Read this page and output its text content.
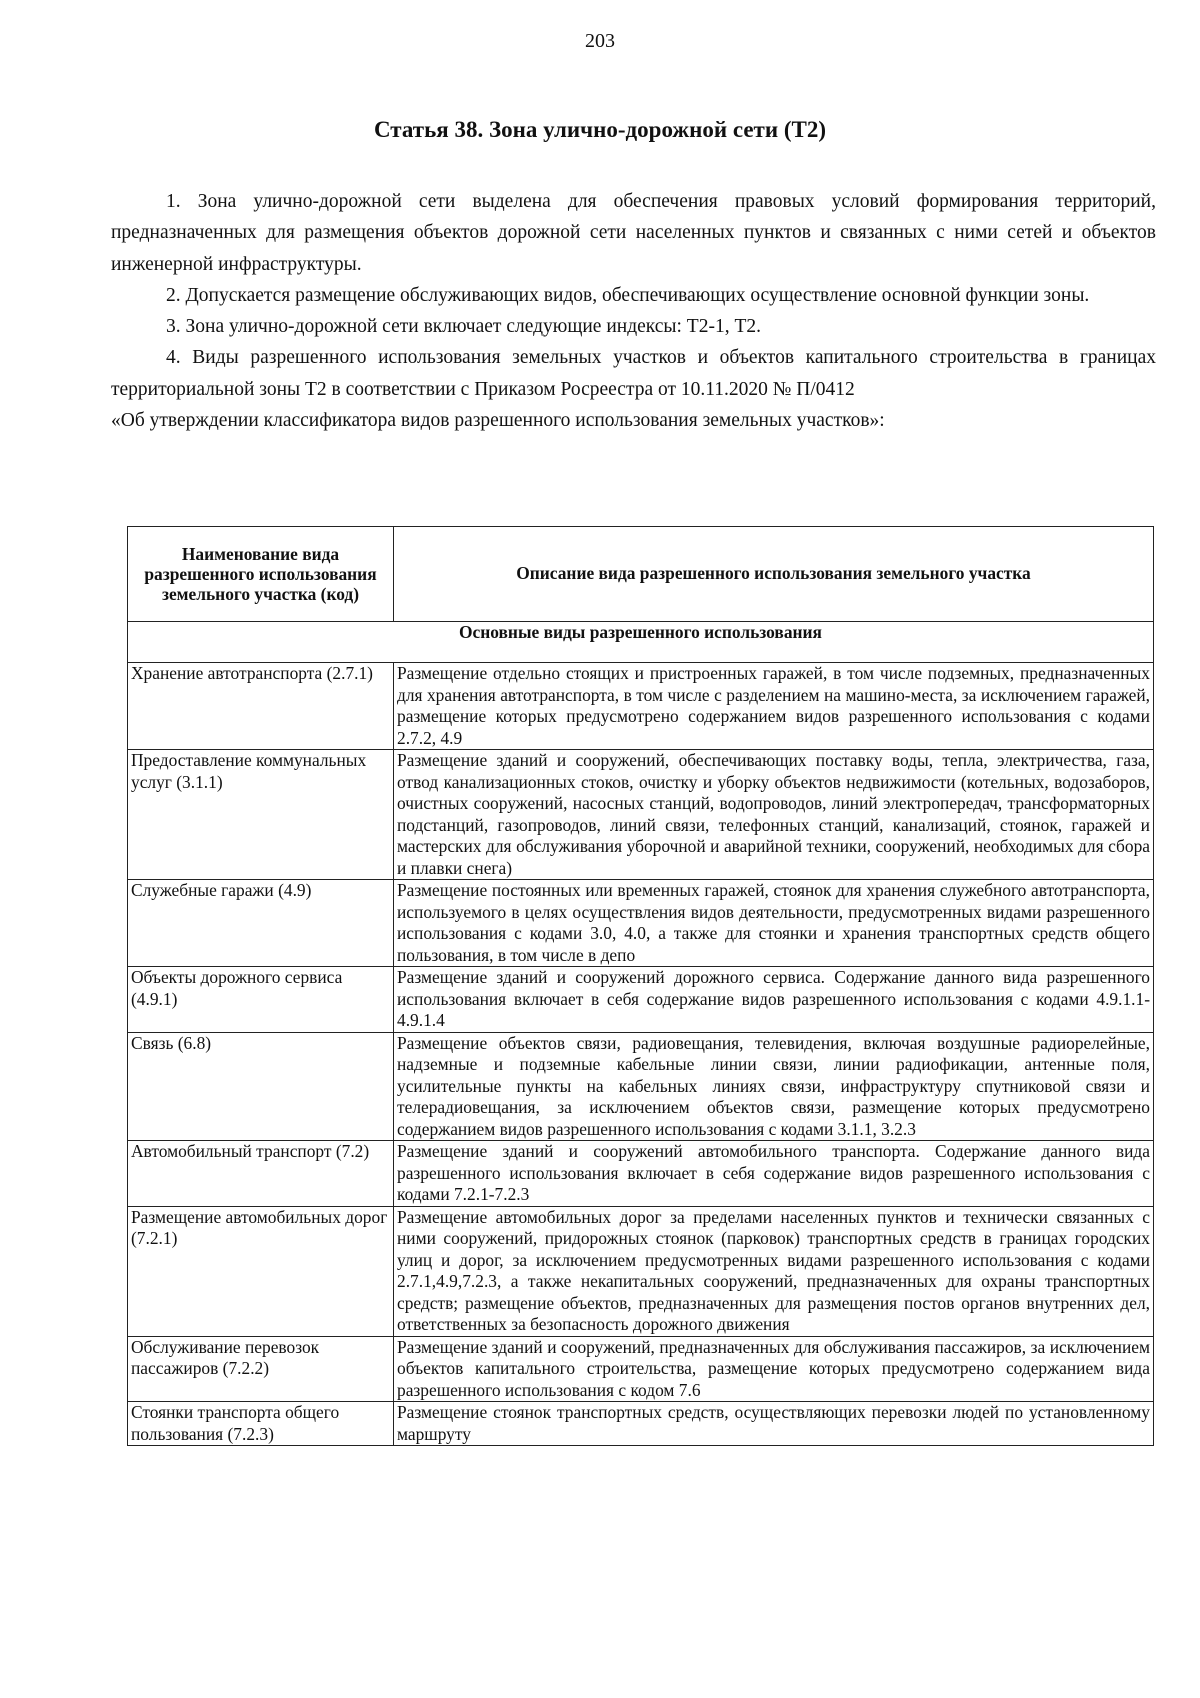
203
Статья 38. Зона улично-дорожной сети (Т2)

1. Зона улично-дорожной сети выделена для обеспечения правовых условий формирования территорий, предназначенных для размещения объектов дорожной сети населенных пунктов и связанных с ними сетей и объектов инженерной инфраструктуры.

2. Допускается размещение обслуживающих видов, обеспечивающих осуществление основной функции зоны.

3. Зона улично-дорожной сети включает следующие индексы: Т2-1, Т2.

4. Виды разрешенного использования земельных участков и объектов капитального строительства в границах территориальной зоны Т2 в соответствии с Приказом Росреестра от 10.11.2020 № П/0412

«Об утверждении классификатора видов разрешенного использования земельных участков»:

Наименование вида разрешенного использования земельного участка (код)	Описание вида разрешенного использования земельного участка
Основные виды разрешенного использования	
Хранение автотранспорта (2.7.1)	Размещение отдельно стоящих и пристроенных гаражей, в том числе подземных, предназначенных для хранения автотранспорта, в том числе с разделением на машино-места, за исключением гаражей, размещение которых предусмотрено содержанием видов разрешенного использования с кодами 2.7.2, 4.9
Предоставление коммунальных услуг (3.1.1)	Размещение зданий и сооружений, обеспечивающих поставку воды, тепла, электричества, газа, отвод канализационных стоков, очистку и уборку объектов недвижимости (котельных, водозаборов, очистных сооружений, насосных станций, водопроводов, линий электропередач, трансформаторных подстанций, газопроводов, линий связи, телефонных станций, канализаций, стоянок, гаражей и мастерских для обслуживания уборочной и аварийной техники, сооружений, необходимых для сбора и плавки снега)
Служебные гаражи (4.9)	Размещение постоянных или временных гаражей, стоянок для хранения служебного автотранспорта, используемого в целях осуществления видов деятельности, предусмотренных видами разрешенного использования с кодами 3.0, 4.0, а также для стоянки и хранения транспортных средств общего пользования, в том числе в депо
Объекты дорожного сервиса (4.9.1)	Размещение зданий и сооружений дорожного сервиса. Содержание данного вида разрешенного использования включает в себя содержание видов разрешенного использования с кодами 4.9.1.1-4.9.1.4
Связь (6.8)	Размещение объектов связи, радиовещания, телевидения, включая воздушные радиорелейные, надземные и подземные кабельные линии связи, линии радиофикации, антенные поля, усилительные пункты на кабельных линиях связи, инфраструктуру спутниковой связи и телерадиовещания, за исключением объектов связи, размещение которых предусмотрено содержанием видов разрешенного использования с кодами 3.1.1, 3.2.3
Автомобильный транспорт (7.2)	Размещение зданий и сооружений автомобильного транспорта. Содержание данного вида разрешенного использования включает в себя содержание видов разрешенного использования с кодами 7.2.1-7.2.3
Размещение автомобильных дорог (7.2.1)	Размещение автомобильных дорог за пределами населенных пунктов и технически связанных с ними сооружений, придорожных стоянок (парковок) транспортных средств в границах городских улиц и дорог, за исключением предусмотренных видами разрешенного использования с кодами 2.7.1,4.9,7.2.3, а также некапитальных сооружений, предназначенных для охраны транспортных средств; размещение объектов, предназначенных для размещения постов органов внутренних дел, ответственных за безопасность дорожного движения
Обслуживание перевозок пассажиров (7.2.2)	Размещение зданий и сооружений, предназначенных для обслуживания пассажиров, за исключением объектов капитального строительства, размещение которых предусмотрено содержанием вида разрешенного использования с кодом 7.6
Стоянки транспорта общего пользования (7.2.3)	Размещение стоянок транспортных средств, осуществляющих перевозки людей по установленному маршруту
